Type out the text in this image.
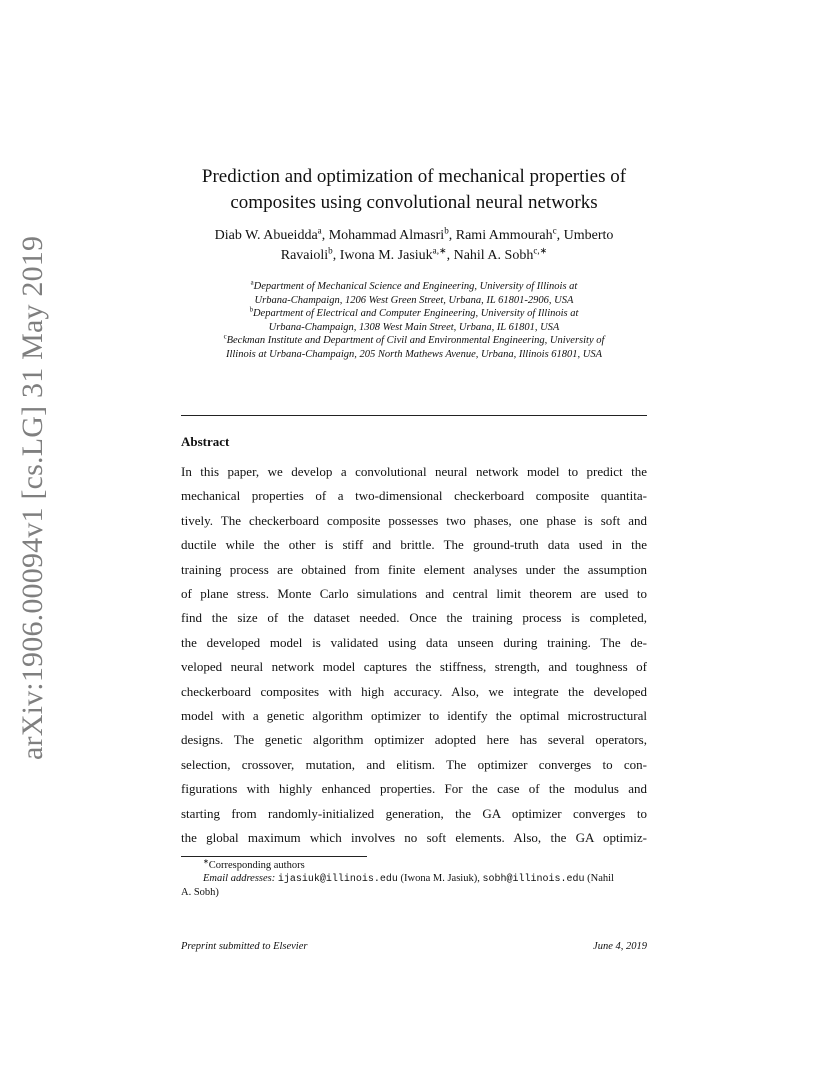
arXiv:1906.00094v1 [cs.LG] 31 May 2019
Prediction and optimization of mechanical properties of
composites using convolutional neural networks
Diab W. Abueidda$^a$, Mohammad Almasri$^b$, Rami Ammourah$^c$, Umberto
Ravaioli$^b$, Iwona M. Jasiuk$^{a,∗}$, Nahil A. Sobh$^{c,∗}$
$^a$Department of Mechanical Science and Engineering, University of Illinois at
Urbana-Champaign, 1206 West Green Street, Urbana, IL 61801-2906, USA
$^b$Department of Electrical and Computer Engineering, University of Illinois at
Urbana-Champaign, 1308 West Main Street, Urbana, IL 61801, USA
$^c$Beckman Institute and Department of Civil and Environmental Engineering, University of
Illinois at Urbana-Champaign, 205 North Mathews Avenue, Urbana, Illinois 61801, USA
Abstract
In this paper, we develop a convolutional neural network model to predict the
mechanical properties of a two-dimensional checkerboard composite quantita-
tively. The checkerboard composite possesses two phases, one phase is soft and
ductile while the other is stiff and brittle. The ground-truth data used in the
training process are obtained from finite element analyses under the assumption
of plane stress. Monte Carlo simulations and central limit theorem are used to
find the size of the dataset needed. Once the training process is completed,
the developed model is validated using data unseen during training. The de-
veloped neural network model captures the stiffness, strength, and toughness of
checkerboard composites with high accuracy. Also, we integrate the developed
model with a genetic algorithm optimizer to identify the optimal microstructural
designs. The genetic algorithm optimizer adopted here has several operators,
selection, crossover, mutation, and elitism. The optimizer converges to con-
figurations with highly enhanced properties. For the case of the modulus and
starting from randomly-initialized generation, the GA optimizer converges to
the global maximum which involves no soft elements. Also, the GA optimiz-
∗Corresponding authors
Email addresses: ijasiuk@illinois.edu (Iwona M. Jasiuk), sobh@illinois.edu (Nahil
A. Sobh)
Preprint submitted to Elsevier	June 4, 2019
